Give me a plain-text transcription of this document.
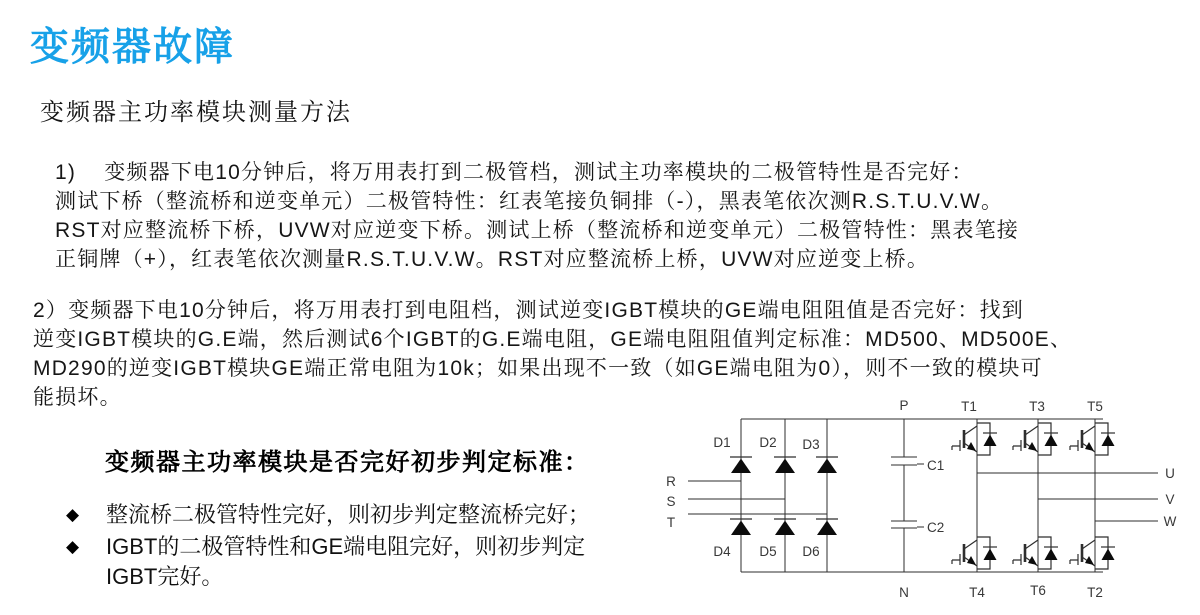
变频器故障
变频器主功率模块测量方法
1)    变频器下电10分钟后，将万用表打到二极管档，测试主功率模块的二极管特性是否完好：
测试下桥（整流桥和逆变单元）二极管特性：红表笔接负铜排（-），黑表笔依次测R.S.T.U.V.W。
RST对应整流桥下桥，UVW对应逆变下桥。测试上桥（整流桥和逆变单元）二极管特性：黑表笔接
正铜牌（+），红表笔依次测量R.S.T.U.V.W。RST对应整流桥上桥，UVW对应逆变上桥。
2）变频器下电10分钟后，将万用表打到电阻档，测试逆变IGBT模块的GE端电阻阻值是否完好：找到
逆变IGBT模块的G.E端，然后测试6个IGBT的G.E端电阻，GE端电阻阻值判定标准：MD500、MD500E、
MD290的逆变IGBT模块GE端正常电阻为10k；如果出现不一致（如GE端电阻为0），则不一致的模块可
能损坏。
变频器主功率模块是否完好初步判定标准：
◆	整流桥二极管特性完好，则初步判定整流桥完好；
◆	IGBT的二极管特性和GE端电阻完好，则初步判定IGBT完好。
P
N
R
S
T
U
V
W
D1 D2 D3
D4 D5 D6
C1
C2
T1	T3	T5
T4	T6	T2
